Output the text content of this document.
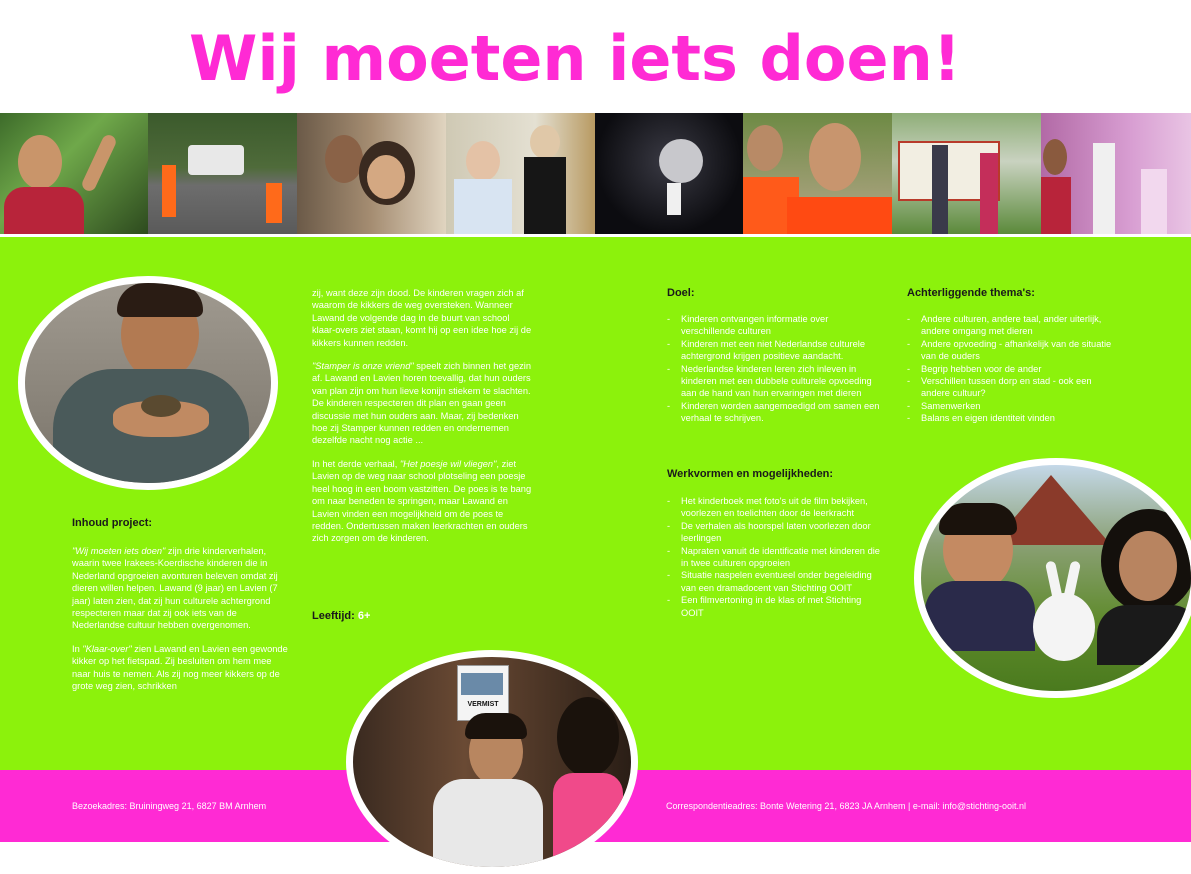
Wij moeten iets doen!
Inhoud project:

"Wij moeten iets doen" zijn drie kinderverhalen, waarin twee Irakees-Koerdische kinderen die in Nederland opgroeien avonturen beleven omdat zij dieren willen helpen. Lawand (9 jaar) en Lavien (7 jaar) laten zien, dat zij hun culturele achtergrond respecteren maar dat zij ook iets van de Nederlandse cultuur hebben overgenomen.

In "Klaar-over" zien Lawand en Lavien een gewonde kikker op het fietspad. Zij besluiten om hem mee naar huis te nemen. Als zij nog meer kikkers op de grote weg zien, schrikken

zij, want deze zijn dood. De kinderen vragen zich af waarom de kikkers de weg oversteken. Wanneer Lawand de volgende dag in de buurt van school klaar-overs ziet staan, komt hij op een idee hoe zij de kikkers kunnen redden.

"Stamper is onze vriend" speelt zich binnen het gezin af. Lawand en Lavien horen toevallig, dat hun ouders van plan zijn om hun lieve konijn stiekem te slachten. De kinderen respecteren dit plan en gaan geen discussie met hun ouders aan. Maar, zij bedenken hoe zij Stamper kunnen redden en ondernemen dezelfde nacht nog actie ...

In het derde verhaal, "Het poesje wil vliegen", ziet Lavien op de weg naar school plotseling een poesje heel hoog in een boom vastzitten. De poes is te bang om naar beneden te springen, maar Lawand en Lavien vinden een mogelijkheid om de poes te redden. Ondertussen maken leerkrachten en ouders zich zorgen om de kinderen.

Leeftijd: 6+
VERMIST
Doel:
- Kinderen ontvangen informatie over verschillende culturen
- Kinderen met een niet Nederlandse culturele achtergrond krijgen positieve aandacht.
- Nederlandse kinderen leren zich inleven in kinderen met een dubbele culturele opvoeding aan de hand van hun ervaringen met dieren
- Kinderen worden aangemoedigd om samen een verhaal te schrijven.
Werkvormen en mogelijkheden:
- Het kinderboek met foto's uit de film bekijken, voorlezen en toelichten door de leerkracht
- De verhalen als hoorspel laten voorlezen door leerlingen
- Napraten vanuit de identificatie met kinderen die in twee culturen opgroeien
- Situatie naspelen eventueel onder begeleiding van een dramadocent van Stichting OOIT
- Een filmvertoning in de klas of met Stichting OOIT
Achterliggende thema's:
- Andere culturen, andere taal, ander uiterlijk, andere omgang met dieren
- Andere opvoeding - afhankelijk van de situatie van de ouders
- Begrip hebben voor de ander
- Verschillen tussen dorp en stad - ook een andere cultuur?
- Samenwerken
- Balans en eigen identiteit vinden
Bezoekadres: Bruiningweg 21, 6827 BM Arnhem	Correspondentieadres: Bonte Wetering 21, 6823 JA Arnhem | e-mail: info@stichting-ooit.nl
